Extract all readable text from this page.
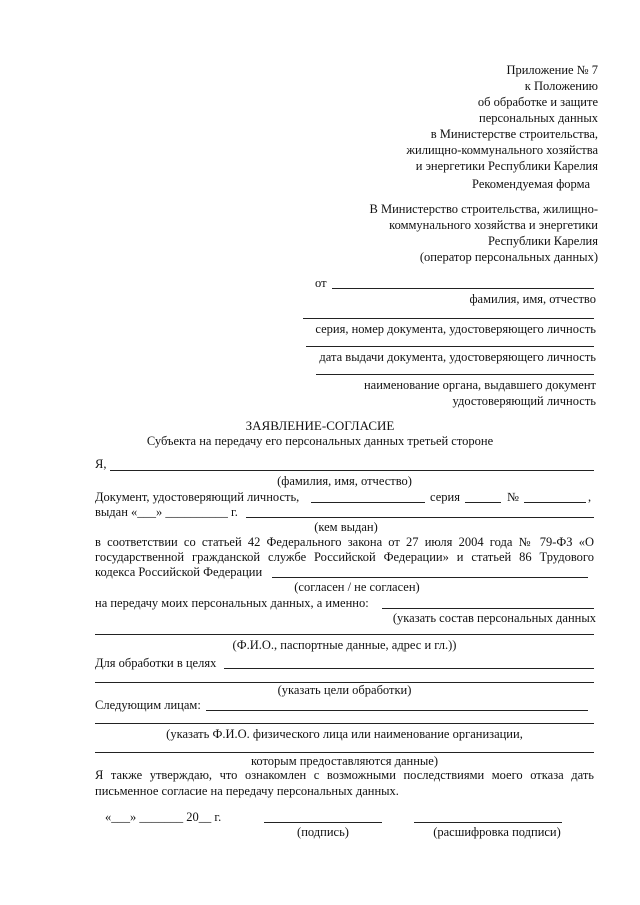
Приложение № 7
к Положению
об обработке и защите
персональных данных
в Министерстве строительства,
жилищно-коммунального хозяйства
и энергетики Республики Карелия
Рекомендуемая форма
В Министерство строительства, жилищно-
коммунального хозяйства и энергетики
Республики Карелия
(оператор персональных данных)
от
фамилия, имя, отчество
серия, номер документа, удостоверяющего личность
дата выдачи документа, удостоверяющего личность
наименование органа, выдавшего документ
удостоверяющий личность
ЗАЯВЛЕНИЕ-СОГЛАСИЕ
Субъекта на передачу его персональных данных третьей стороне
Я,
(фамилия, имя, отчество)
Документ, удостоверяющий личность,	серия	№	,
выдан «___» __________ г.
(кем выдан)
в соответствии со статьей 42 Федерального закона от 27 июля 2004 года № 79-ФЗ «О
государственной гражданской службе Российской Федерации» и статьей 86 Трудового
кодекса Российской Федерации
(согласен / не согласен)
на передачу моих персональных данных, а именно:
(указать состав персональных данных
(Ф.И.О., паспортные данные, адрес и гл.))
Для обработки в целях
(указать цели обработки)
Следующим лицам:
(указать Ф.И.О. физического лица или наименование организации,
которым предоставляются данные)
Я также утверждаю, что ознакомлен с возможными последствиями моего отказа дать
письменное согласие на передачу персональных данных.
«___» _______ 20__ г.
(подпись)	(расшифровка подписи)
